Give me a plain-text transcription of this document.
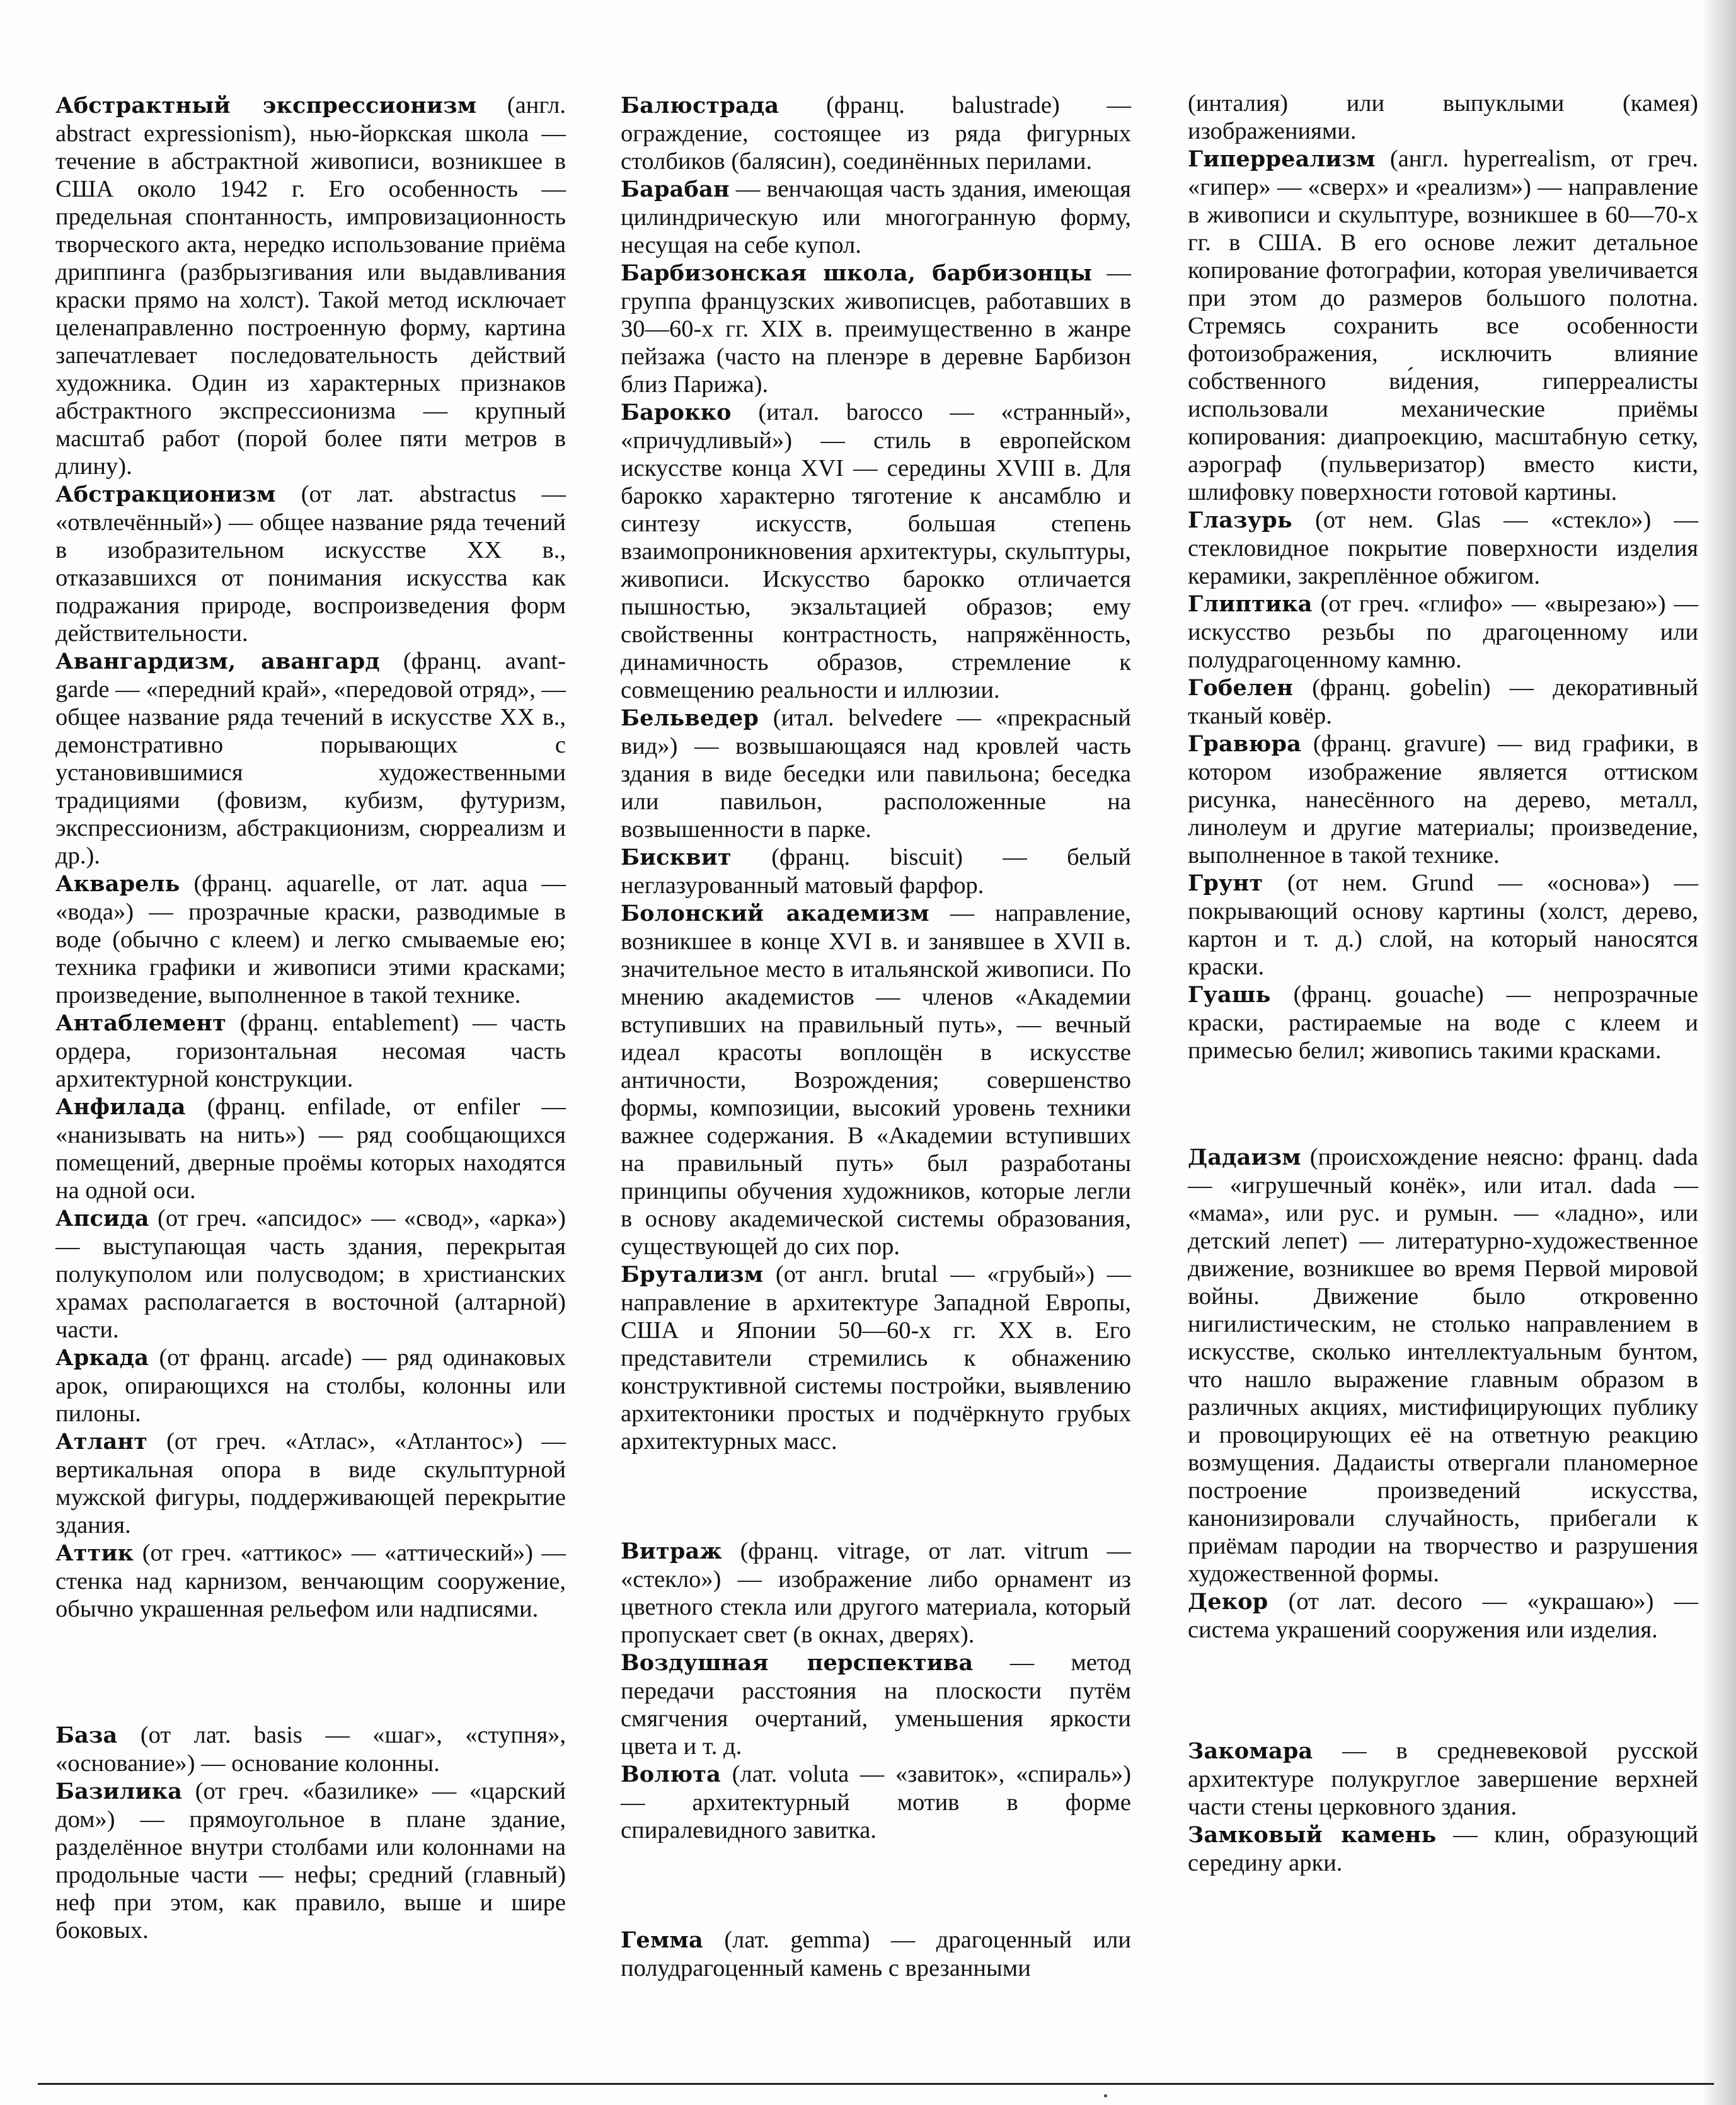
Абстрактный экспрессионизм (англ. abstract expressionism), нью-йоркская школа — течение в абстрактной живописи, возникшее в США около 1942 г. Его особенность — предельная спонтанность, импровизационность творческого акта, нередко использование приёма дриппинга (разбрызгивания или выдавливания краски прямо на холст). Такой метод исключает целенаправленно построенную форму, картина запечатлевает последовательность действий художника. Один из характерных признаков абстрактного экспрессионизма — крупный масштаб работ (порой более пяти метров в длину).

Абстракционизм (от лат. abstractus — «отвлечённый») — общее название ряда течений в изобразительном искусстве XX в., отказавшихся от понимания искусства как подражания природе, воспроизведения форм действительности.

Авангардизм, авангард (франц. avant-garde — «передний край», «передовой отряд», — общее название ряда течений в искусстве XX в., демонстративно порывающих с установившимися художественными традициями (фовизм, кубизм, футуризм, экспрессионизм, абстракционизм, сюрреализм и др.).

Акварель (франц. aquarelle, от лат. aqua — «вода») — прозрачные краски, разводимые в воде (обычно с клеем) и легко смываемые ею; техника графики и живописи этими красками; произведение, выполненное в такой технике.

Антаблемент (франц. entablement) — часть ордера, горизонтальная несомая часть архитектурной конструкции.

Анфилада (франц. enfilade, от enfiler — «нанизывать на нить») — ряд сообщающихся помещений, дверные проёмы которых находятся на одной оси.

Апсида (от греч. «апсидос» — «свод», «арка») — выступающая часть здания, перекрытая полукуполом или полусводом; в христианских храмах располагается в восточной (алтарной) части.

Аркада (от франц. arcade) — ряд одинаковых арок, опирающихся на столбы, колонны или пилоны.

Атлант (от греч. «Атлас», «Атлантос») — вертикальная опора в виде скульптурной мужской фигуры, поддерживающей перекрытие здания.

Аттик (от греч. «аттикос» — «аттический») — стенка над карнизом, венчающим сооружение, обычно украшенная рельефом или надписями.

База (от лат. basis — «шаг», «ступня», «основание») — основание колонны.

Базилика (от греч. «базилике» — «царский дом») — прямоугольное в плане здание, разделённое внутри столбами или колоннами на продольные части — нефы; средний (главный) неф при этом, как правило, выше и шире боковых.

Балюстрада (франц. balustrade) — ограждение, состоящее из ряда фигурных столбиков (балясин), соединённых перилами.

Барабан — венчающая часть здания, имеющая цилиндрическую или многогранную форму, несущая на себе купол.

Барбизонская школа, барбизонцы — группа французских живописцев, работавших в 30—60-х гг. XIX в. преимущественно в жанре пейзажа (часто на пленэре в деревне Барбизон близ Парижа).

Барокко (итал. barocco — «странный», «причудливый») — стиль в европейском искусстве конца XVI — середины XVIII в. Для барокко характерно тяготение к ансамблю и синтезу искусств, большая степень взаимопроникновения архитектуры, скульптуры, живописи. Искусство барокко отличается пышностью, экзальтацией образов; ему свойственны контрастность, напряжённость, динамичность образов, стремление к совмещению реальности и иллюзии.

Бельведер (итал. belvedere — «прекрасный вид») — возвышающаяся над кровлей часть здания в виде беседки или павильона; беседка или павильон, расположенные на возвышенности в парке.

Бисквит (франц. biscuit) — белый неглазурованный матовый фарфор.

Болонский академизм — направление, возникшее в конце XVI в. и занявшее в XVII в. значительное место в итальянской живописи. По мнению академистов — членов «Академии вступивших на правильный путь», — вечный идеал красоты воплощён в искусстве античности, Возрождения; совершенство формы, композиции, высокий уровень техники важнее содержания. В «Академии вступивших на правильный путь» был разработаны принципы обучения художников, которые легли в основу академической системы образования, существующей до сих пор.

Брутализм (от англ. brutal — «грубый») — направление в архитектуре Западной Европы, США и Японии 50—60-х гг. XX в. Его представители стремились к обнажению конструктивной системы постройки, выявлению архитектоники простых и подчёркнуто грубых архитектурных масс.

Витраж (франц. vitrage, от лат. vitrum — «стекло») — изображение либо орнамент из цветного стекла или другого материала, который пропускает свет (в окнах, дверях).

Воздушная перспектива — метод передачи расстояния на плоскости путём смягчения очертаний, уменьшения яркости цвета и т. д.

Волюта (лат. voluta — «завиток», «спираль») — архитектурный мотив в форме спиралевидного завитка.

Гемма (лат. gemma) — драгоценный или полудрагоценный камень с врезанными

(инталия) или выпуклыми (камея) изображениями.

Гиперреализм (англ. hyperrealism, от греч. «гипер» — «сверх» и «реализм») — направление в живописи и скульптуре, возникшее в 60—70-х гг. в США. В его основе лежит детальное копирование фотографии, которая увеличивается при этом до размеров большого полотна. Стремясь сохранить все особенности фотоизображения, исключить влияние собственного ви́дения, гиперреалисты использовали механические приёмы копирования: диапроекцию, масштабную сетку, аэрограф (пульверизатор) вместо кисти, шлифовку поверхности готовой картины.

Глазурь (от нем. Glas — «стекло») — стекловидное покрытие поверхности изделия керамики, закреплённое обжигом.

Глиптика (от греч. «глифо» — «вырезаю») — искусство резьбы по драгоценному или полудрагоценному камню.

Гобелен (франц. gobelin) — декоративный тканый ковёр.

Гравюра (франц. gravure) — вид графики, в котором изображение является оттиском рисунка, нанесённого на дерево, металл, линолеум и другие материалы; произведение, выполненное в такой технике.

Грунт (от нем. Grund — «основа») — покрывающий основу картины (холст, дерево, картон и т. д.) слой, на который наносятся краски.

Гуашь (франц. gouache) — непрозрачные краски, растираемые на воде с клеем и примесью белил; живопись такими красками.

Дадаизм (происхождение неясно: франц. dada — «игрушечный конёк», или итал. dada — «мама», или рус. и румын. — «ладно», или детский лепет) — литературно-художественное движение, возникшее во время Первой мировой войны. Движение было откровенно нигилистическим, не столько направлением в искусстве, сколько интеллектуальным бунтом, что нашло выражение главным образом в различных акциях, мистифицирующих публику и провоцирующих её на ответную реакцию возмущения. Дадаисты отвергали планомерное построение произведений искусства, канонизировали случайность, прибегали к приёмам пародии на творчество и разрушения художественной формы.

Декор (от лат. decoro — «украшаю») — система украшений сооружения или изделия.

Закомара — в средневековой русской архитектуре полукруглое завершение верхней части стены церковного здания.

Замковый камень — клин, образующий середину арки.
